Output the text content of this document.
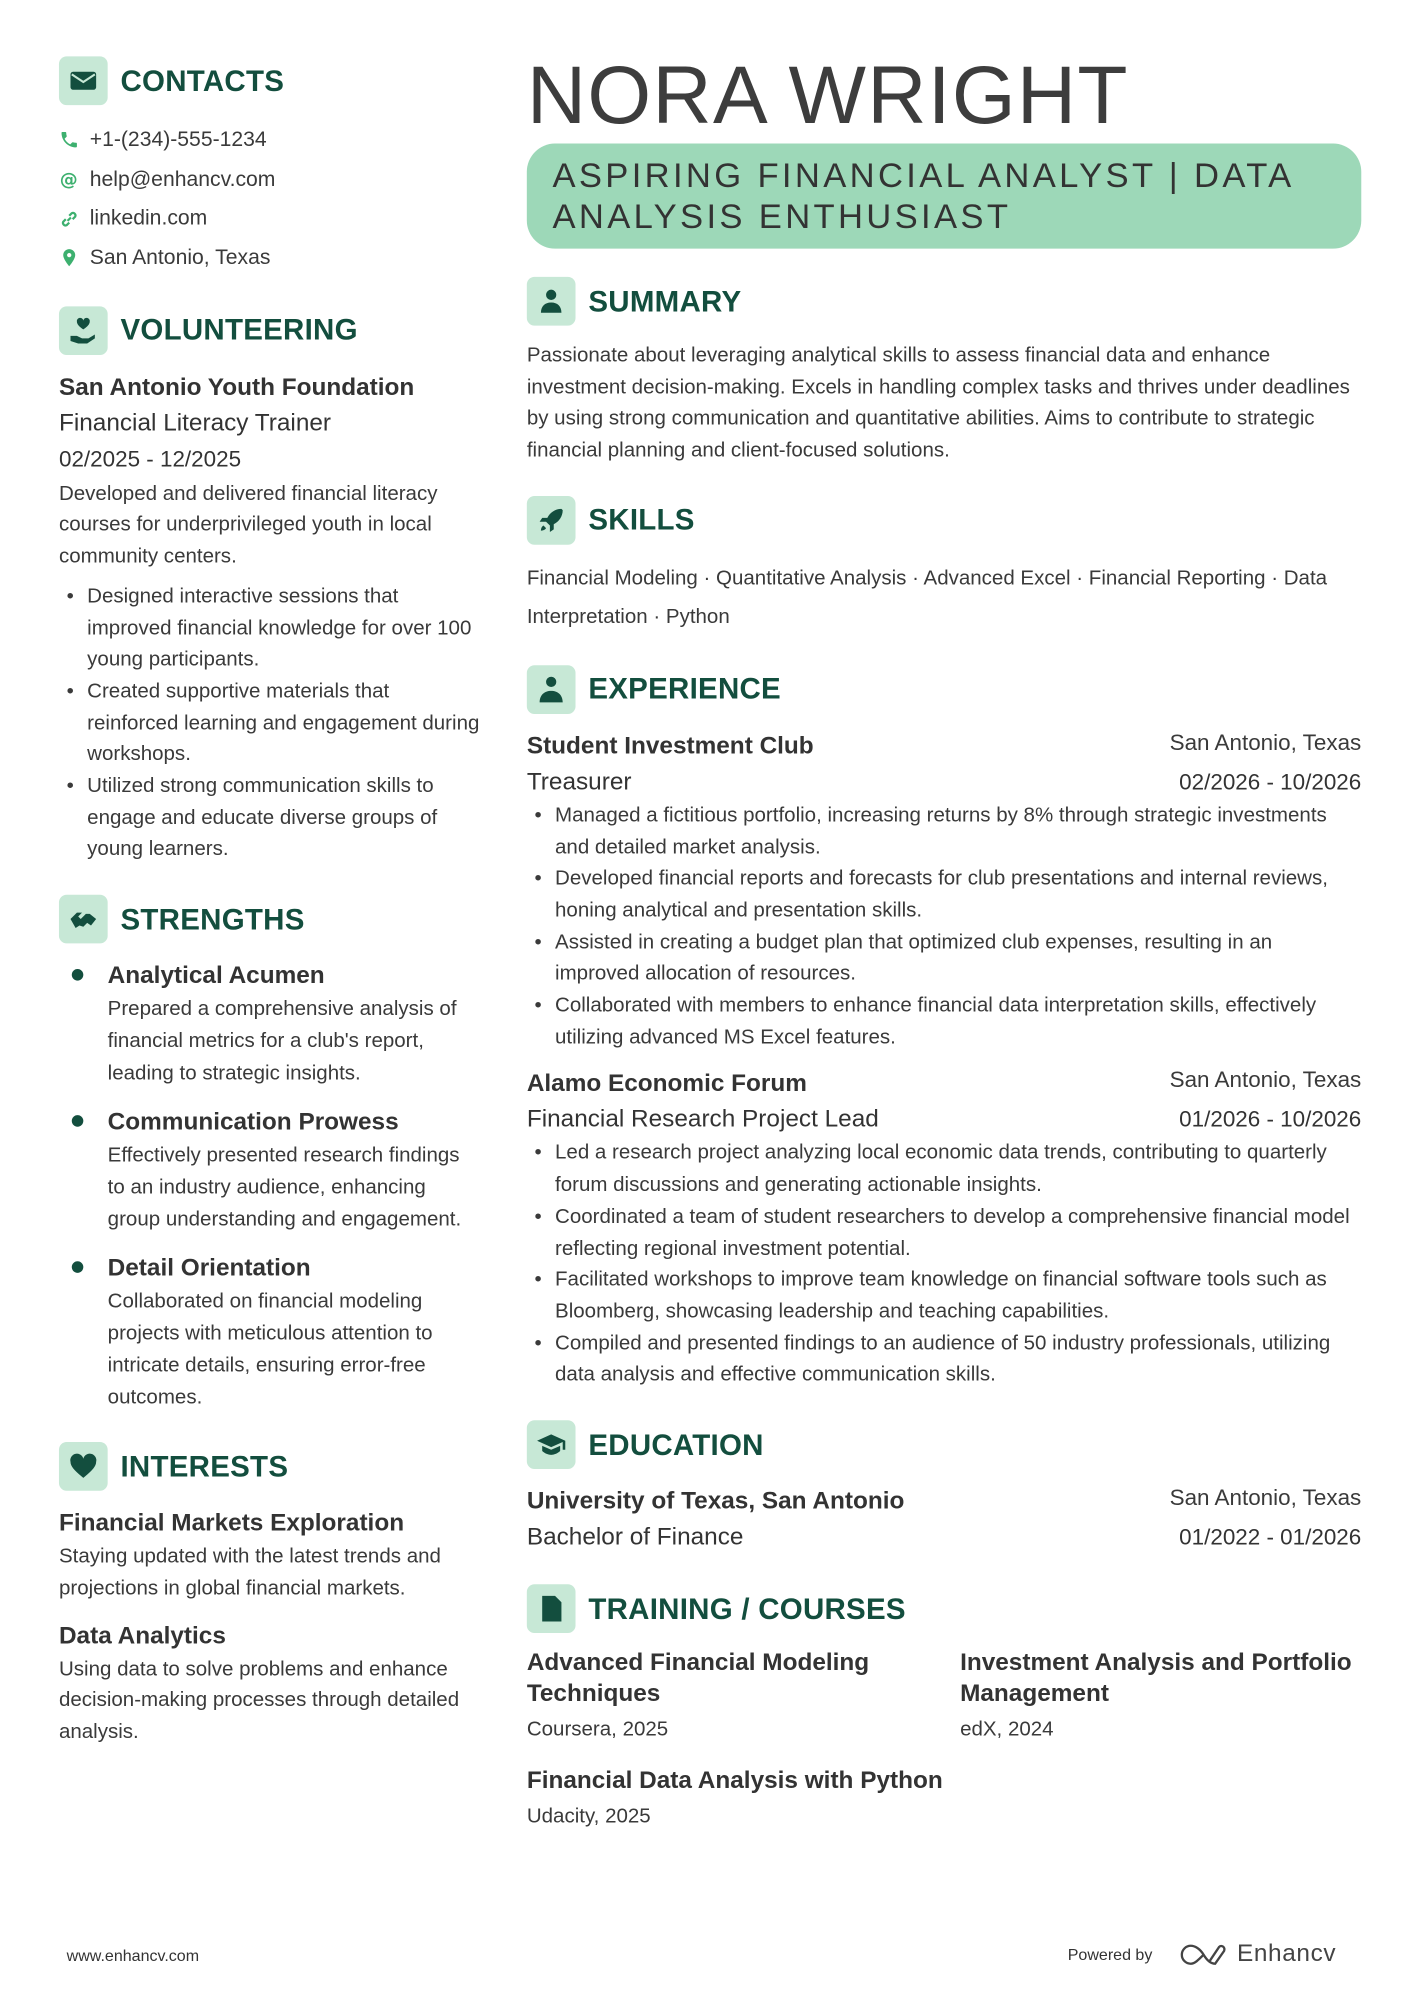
CONTACTS
+1-(234)-555-1234
@ help@enhancv.com
linkedin.com
San Antonio, Texas
VOLUNTEERING
San Antonio Youth Foundation
Financial Literacy Trainer
02/2025 - 12/2025
Developed and delivered financial literacy courses for underprivileged youth in local community centers.
• Designed interactive sessions that improved financial knowledge for over 100 young participants.
• Created supportive materials that reinforced learning and engagement during workshops.
• Utilized strong communication skills to engage and educate diverse groups of young learners.
STRENGTHS
Analytical Acumen
Prepared a comprehensive analysis of financial metrics for a club's report, leading to strategic insights.
Communication Prowess
Effectively presented research findings to an industry audience, enhancing group understanding and engagement.
Detail Orientation
Collaborated on financial modeling projects with meticulous attention to intricate details, ensuring error-free outcomes.
INTERESTS
Financial Markets Exploration
Staying updated with the latest trends and projections in global financial markets.
Data Analytics
Using data to solve problems and enhance decision-making processes through detailed analysis.
NORA WRIGHT
ASPIRING FINANCIAL ANALYST | DATA ANALYSIS ENTHUSIAST
SUMMARY
Passionate about leveraging analytical skills to assess financial data and enhance investment decision-making. Excels in handling complex tasks and thrives under deadlines by using strong communication and quantitative abilities. Aims to contribute to strategic financial planning and client-focused solutions.
SKILLS
Financial Modeling · Quantitative Analysis · Advanced Excel · Financial Reporting · Data Interpretation · Python
EXPERIENCE
Student Investment Club	San Antonio, Texas
Treasurer	02/2026 - 10/2026
• Managed a fictitious portfolio, increasing returns by 8% through strategic investments and detailed market analysis.
• Developed financial reports and forecasts for club presentations and internal reviews, honing analytical and presentation skills.
• Assisted in creating a budget plan that optimized club expenses, resulting in an improved allocation of resources.
• Collaborated with members to enhance financial data interpretation skills, effectively utilizing advanced MS Excel features.
Alamo Economic Forum	San Antonio, Texas
Financial Research Project Lead	01/2026 - 10/2026
• Led a research project analyzing local economic data trends, contributing to quarterly forum discussions and generating actionable insights.
• Coordinated a team of student researchers to develop a comprehensive financial model reflecting regional investment potential.
• Facilitated workshops to improve team knowledge on financial software tools such as Bloomberg, showcasing leadership and teaching capabilities.
• Compiled and presented findings to an audience of 50 industry professionals, utilizing data analysis and effective communication skills.
EDUCATION
University of Texas, San Antonio	San Antonio, Texas
Bachelor of Finance	01/2022 - 01/2026
TRAINING / COURSES
Advanced Financial Modeling Techniques
Coursera, 2025
Investment Analysis and Portfolio Management
edX, 2024
Financial Data Analysis with Python
Udacity, 2025
www.enhancv.com	Powered by	Enhancv
